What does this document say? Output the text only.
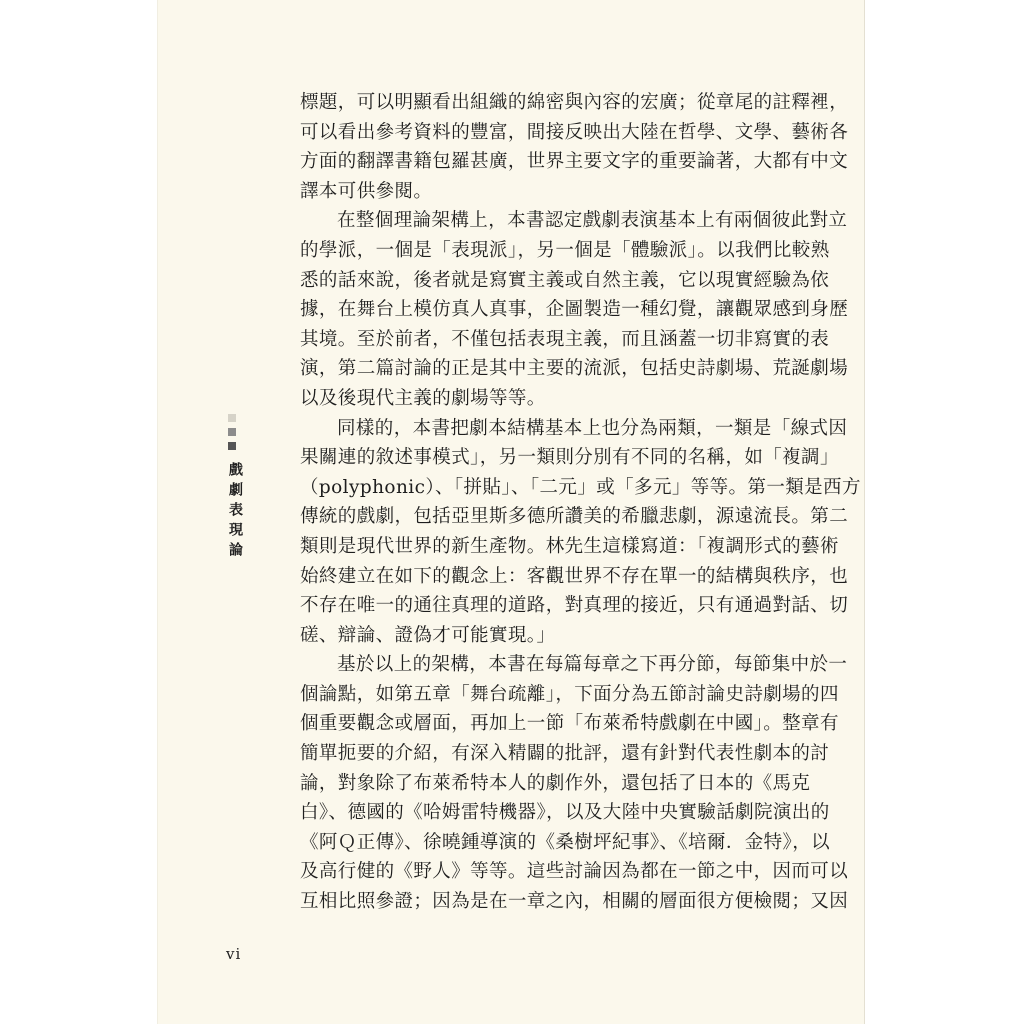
戲劇表現論
標題，可以明顯看出組織的綿密與內容的宏廣；從章尾的註釋裡，
可以看出參考資料的豐富，間接反映出大陸在哲學、文學、藝術各
方面的翻譯書籍包羅甚廣，世界主要文字的重要論著，大都有中文
譯本可供參閱。
在整個理論架構上，本書認定戲劇表演基本上有兩個彼此對立
的學派，一個是「表現派」，另一個是「體驗派」。以我們比較熟
悉的話來說，後者就是寫實主義或自然主義，它以現實經驗為依
據，在舞台上模仿真人真事，企圖製造一種幻覺，讓觀眾感到身歷
其境。至於前者，不僅包括表現主義，而且涵蓋一切非寫實的表
演，第二篇討論的正是其中主要的流派，包括史詩劇場、荒誕劇場
以及後現代主義的劇場等等。
同樣的，本書把劇本結構基本上也分為兩類，一類是「線式因
果關連的敘述事模式」，另一類則分別有不同的名稱，如「複調」
（polyphonic）、「拼貼」、「二元」或「多元」等等。第一類是西方
傳統的戲劇，包括亞里斯多德所讚美的希臘悲劇，源遠流長。第二
類則是現代世界的新生產物。林先生這樣寫道：「複調形式的藝術
始終建立在如下的觀念上：客觀世界不存在單一的結構與秩序，也
不存在唯一的通往真理的道路，對真理的接近，只有通過對話、切
磋、辯論、證偽才可能實現。」
基於以上的架構，本書在每篇每章之下再分節，每節集中於一
個論點，如第五章「舞台疏離」，下面分為五節討論史詩劇場的四
個重要觀念或層面，再加上一節「布萊希特戲劇在中國」。整章有
簡單扼要的介紹，有深入精闢的批評，還有針對代表性劇本的討
論，對象除了布萊希特本人的劇作外，還包括了日本的《馬克
白》、德國的《哈姆雷特機器》，以及大陸中央實驗話劇院演出的
《阿Ｑ正傳》、徐曉鍾導演的《桑樹坪紀事》、《培爾．金特》，以
及高行健的《野人》等等。這些討論因為都在一節之中，因而可以
互相比照參證；因為是在一章之內，相關的層面很方便檢閱；又因
vi
